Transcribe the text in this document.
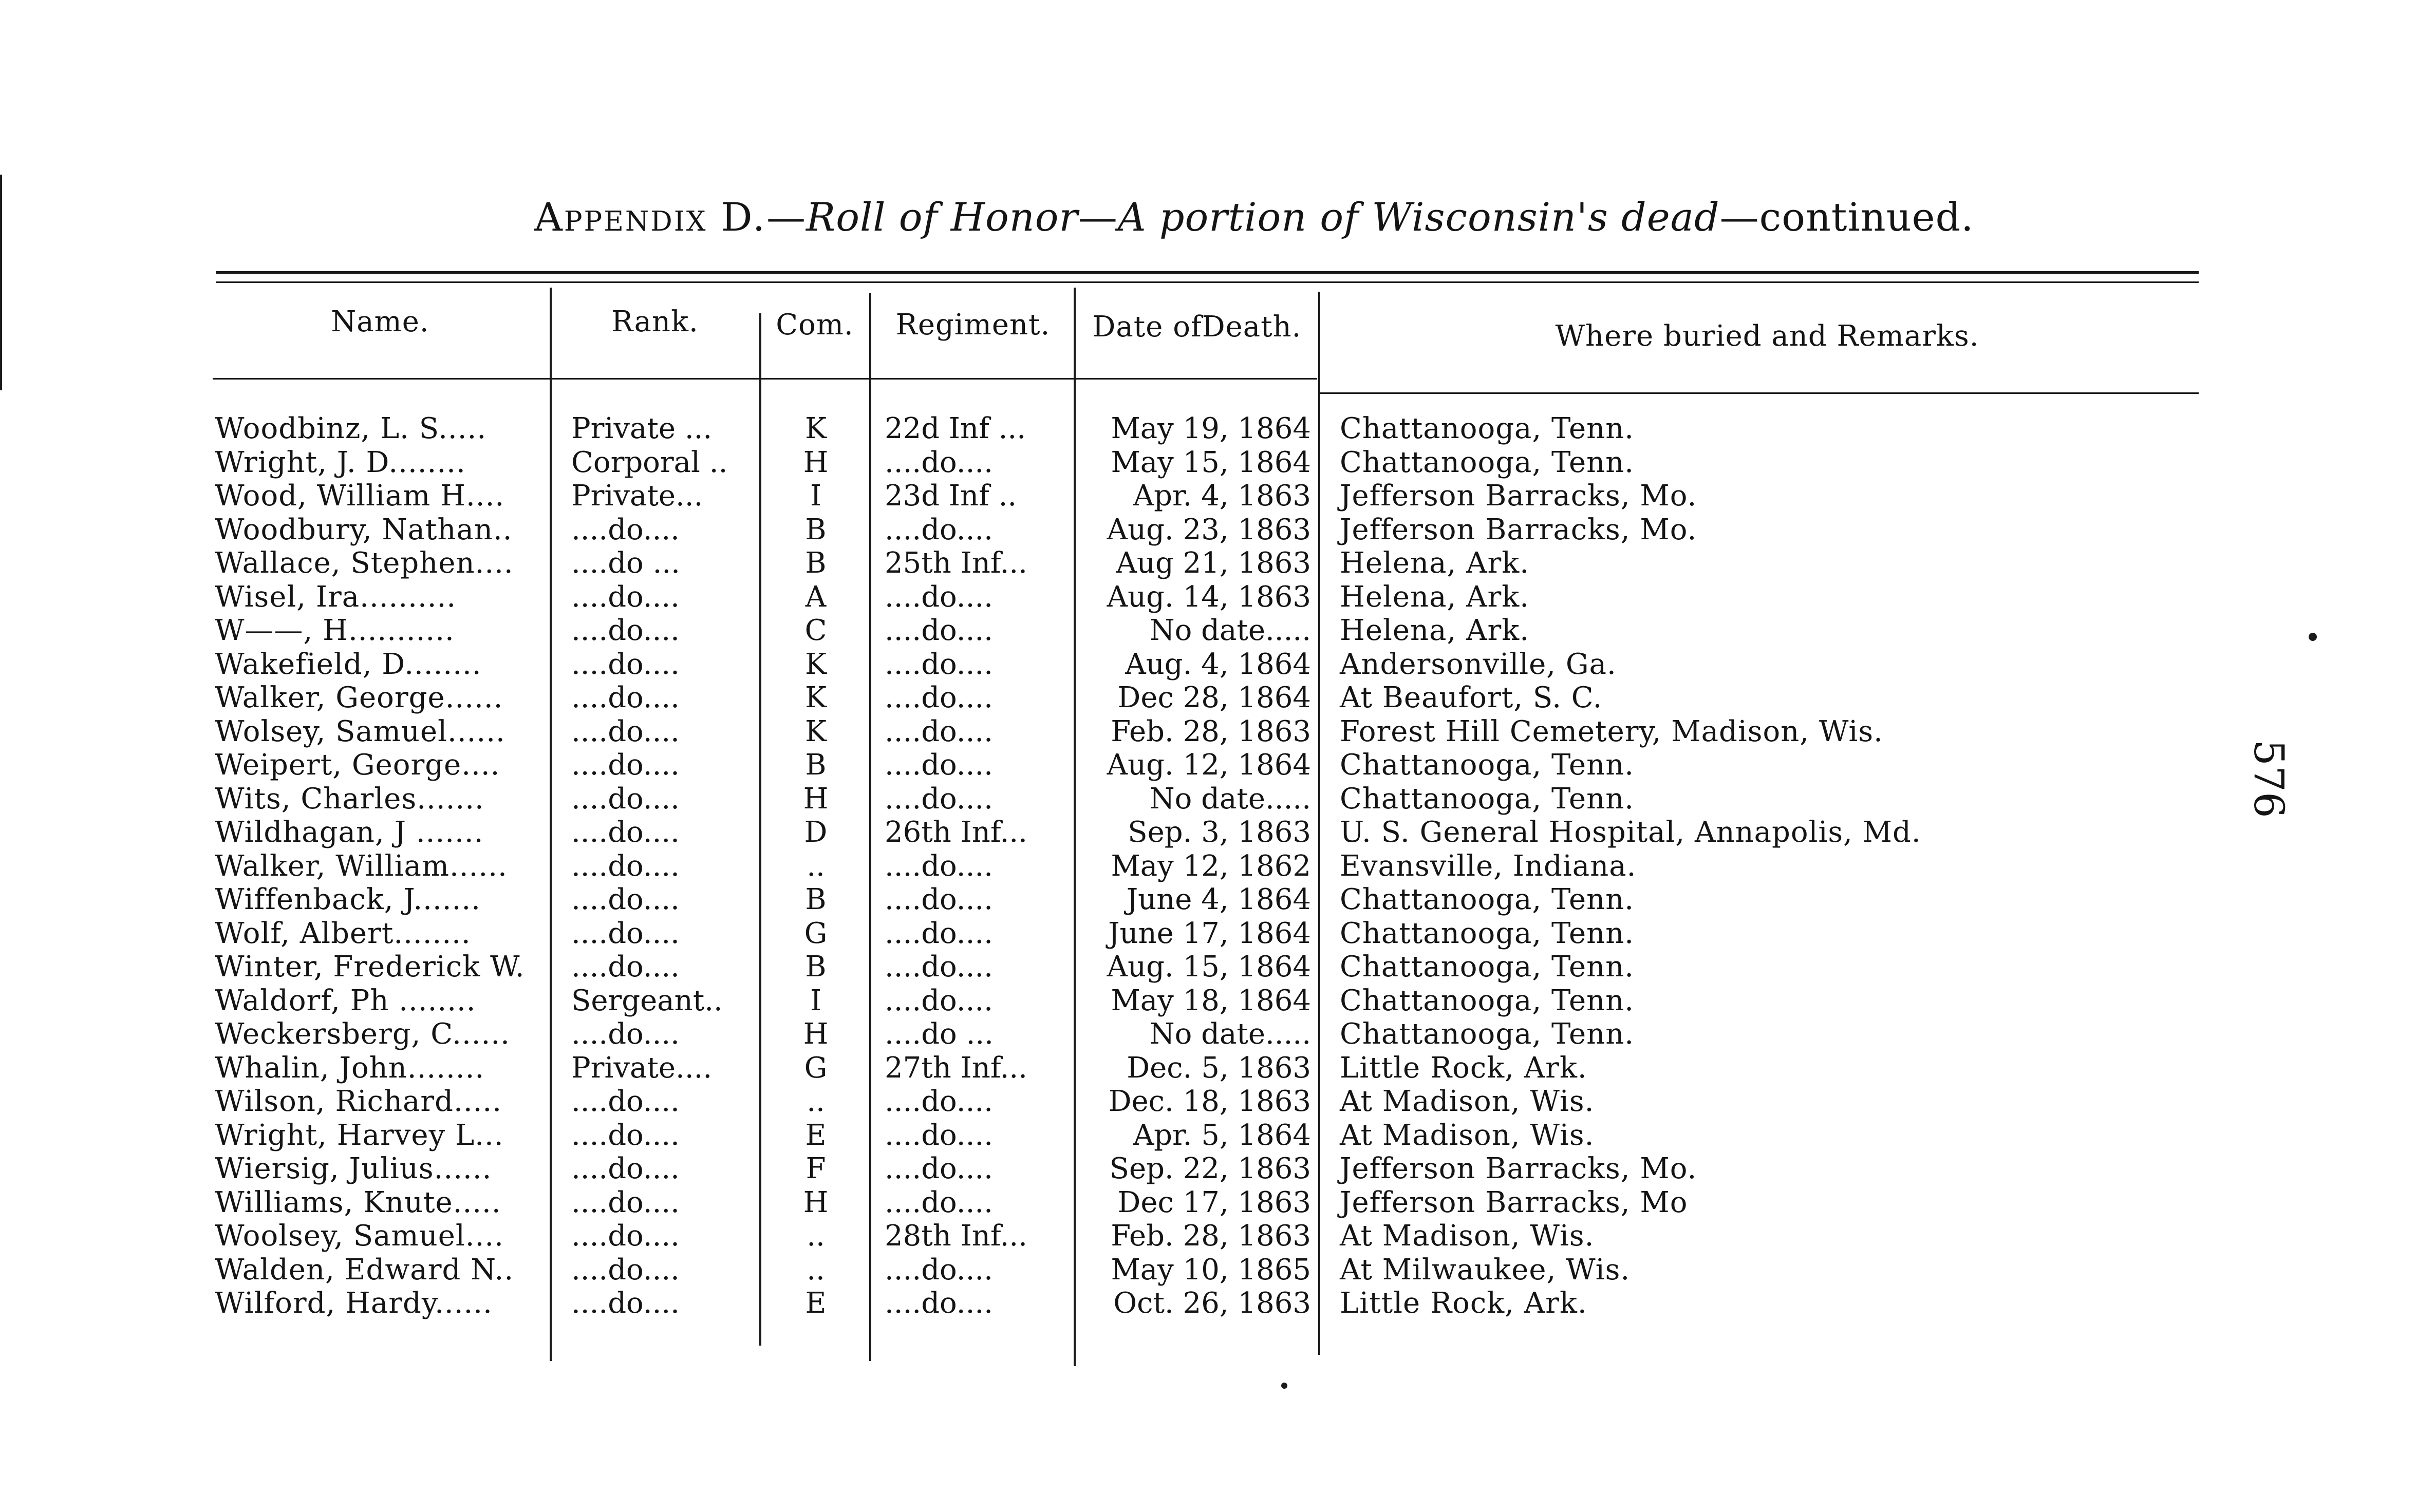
Appendix D.—Roll of Honor—A portion of Wisconsin's dead—continued.
Name.	Rank.	Com.	Regiment.	Date ofDeath.	Where buried and Remarks.
Woodbinz, L. S.....	Private ...	K	22d Inf ...	May 19, 1864 Chattanooga, Tenn.
Wright, J. D........	Corporal ..	H	....do....	May 15, 1864 Chattanooga, Tenn.
Wood, William H....	Private...	I	23d Inf ..	Apr. 4, 1863 Jefferson Barracks, Mo.
Woodbury, Nathan..	....do....	B	....do....	Aug. 23, 1863 Jefferson Barracks, Mo.
Wallace, Stephen....	....do ...	B	25th Inf...	Aug 21, 1863 Helena, Ark.
Wisel, Ira..........	....do....	A	....do....	Aug. 14, 1863 Helena, Ark.
W——, H...........	....do....	C	....do....	No date..... Helena, Ark.
Wakefield, D........	....do....	K	....do....	Aug. 4, 1864 Andersonville, Ga.
Walker, George......	....do....	K	....do....	Dec 28, 1864 At Beaufort, S. C.
Wolsey, Samuel......	....do....	K	....do....	Feb. 28, 1863 Forest Hill Cemetery, Madison, Wis.
Weipert, George....	....do....	B	....do....	Aug. 12, 1864 Chattanooga, Tenn.
Wits, Charles.......	....do....	H	....do....	No date..... Chattanooga, Tenn.
Wildhagan, J .......	....do....	D	26th Inf...	Sep. 3, 1863 U. S. General Hospital, Annapolis, Md.
Walker, William......	....do....	..	....do....	May 12, 1862 Evansville, Indiana.
Wiffenback, J.......	....do....	B	....do....	June 4, 1864 Chattanooga, Tenn.
Wolf, Albert........	....do....	G	....do....	June 17, 1864 Chattanooga, Tenn.
Winter, Frederick W.	....do....	B	....do....	Aug. 15, 1864 Chattanooga, Tenn.
Waldorf, Ph ........	Sergeant..	I	....do....	May 18, 1864 Chattanooga, Tenn.
Weckersberg, C......	....do....	H	....do ...	No date..... Chattanooga, Tenn.
Whalin, John........	Private....	G	27th Inf...	Dec. 5, 1863 Little Rock, Ark.
Wilson, Richard.....	....do....	..	....do....	Dec. 18, 1863 At Madison, Wis.
Wright, Harvey L...	....do....	E	....do....	Apr. 5, 1864 At Madison, Wis.
Wiersig, Julius......	....do....	F	....do....	Sep. 22, 1863 Jefferson Barracks, Mo.
Williams, Knute.....	....do....	H	....do....	Dec 17, 1863 Jefferson Barracks, Mo
Woolsey, Samuel....	....do....	..	28th Inf...	Feb. 28, 1863 At Madison, Wis.
Walden, Edward N..	....do....	..	....do....	May 10, 1865 At Milwaukee, Wis.
Wilford, Hardy......	....do....	E	....do....	Oct. 26, 1863 Little Rock, Ark.
576
